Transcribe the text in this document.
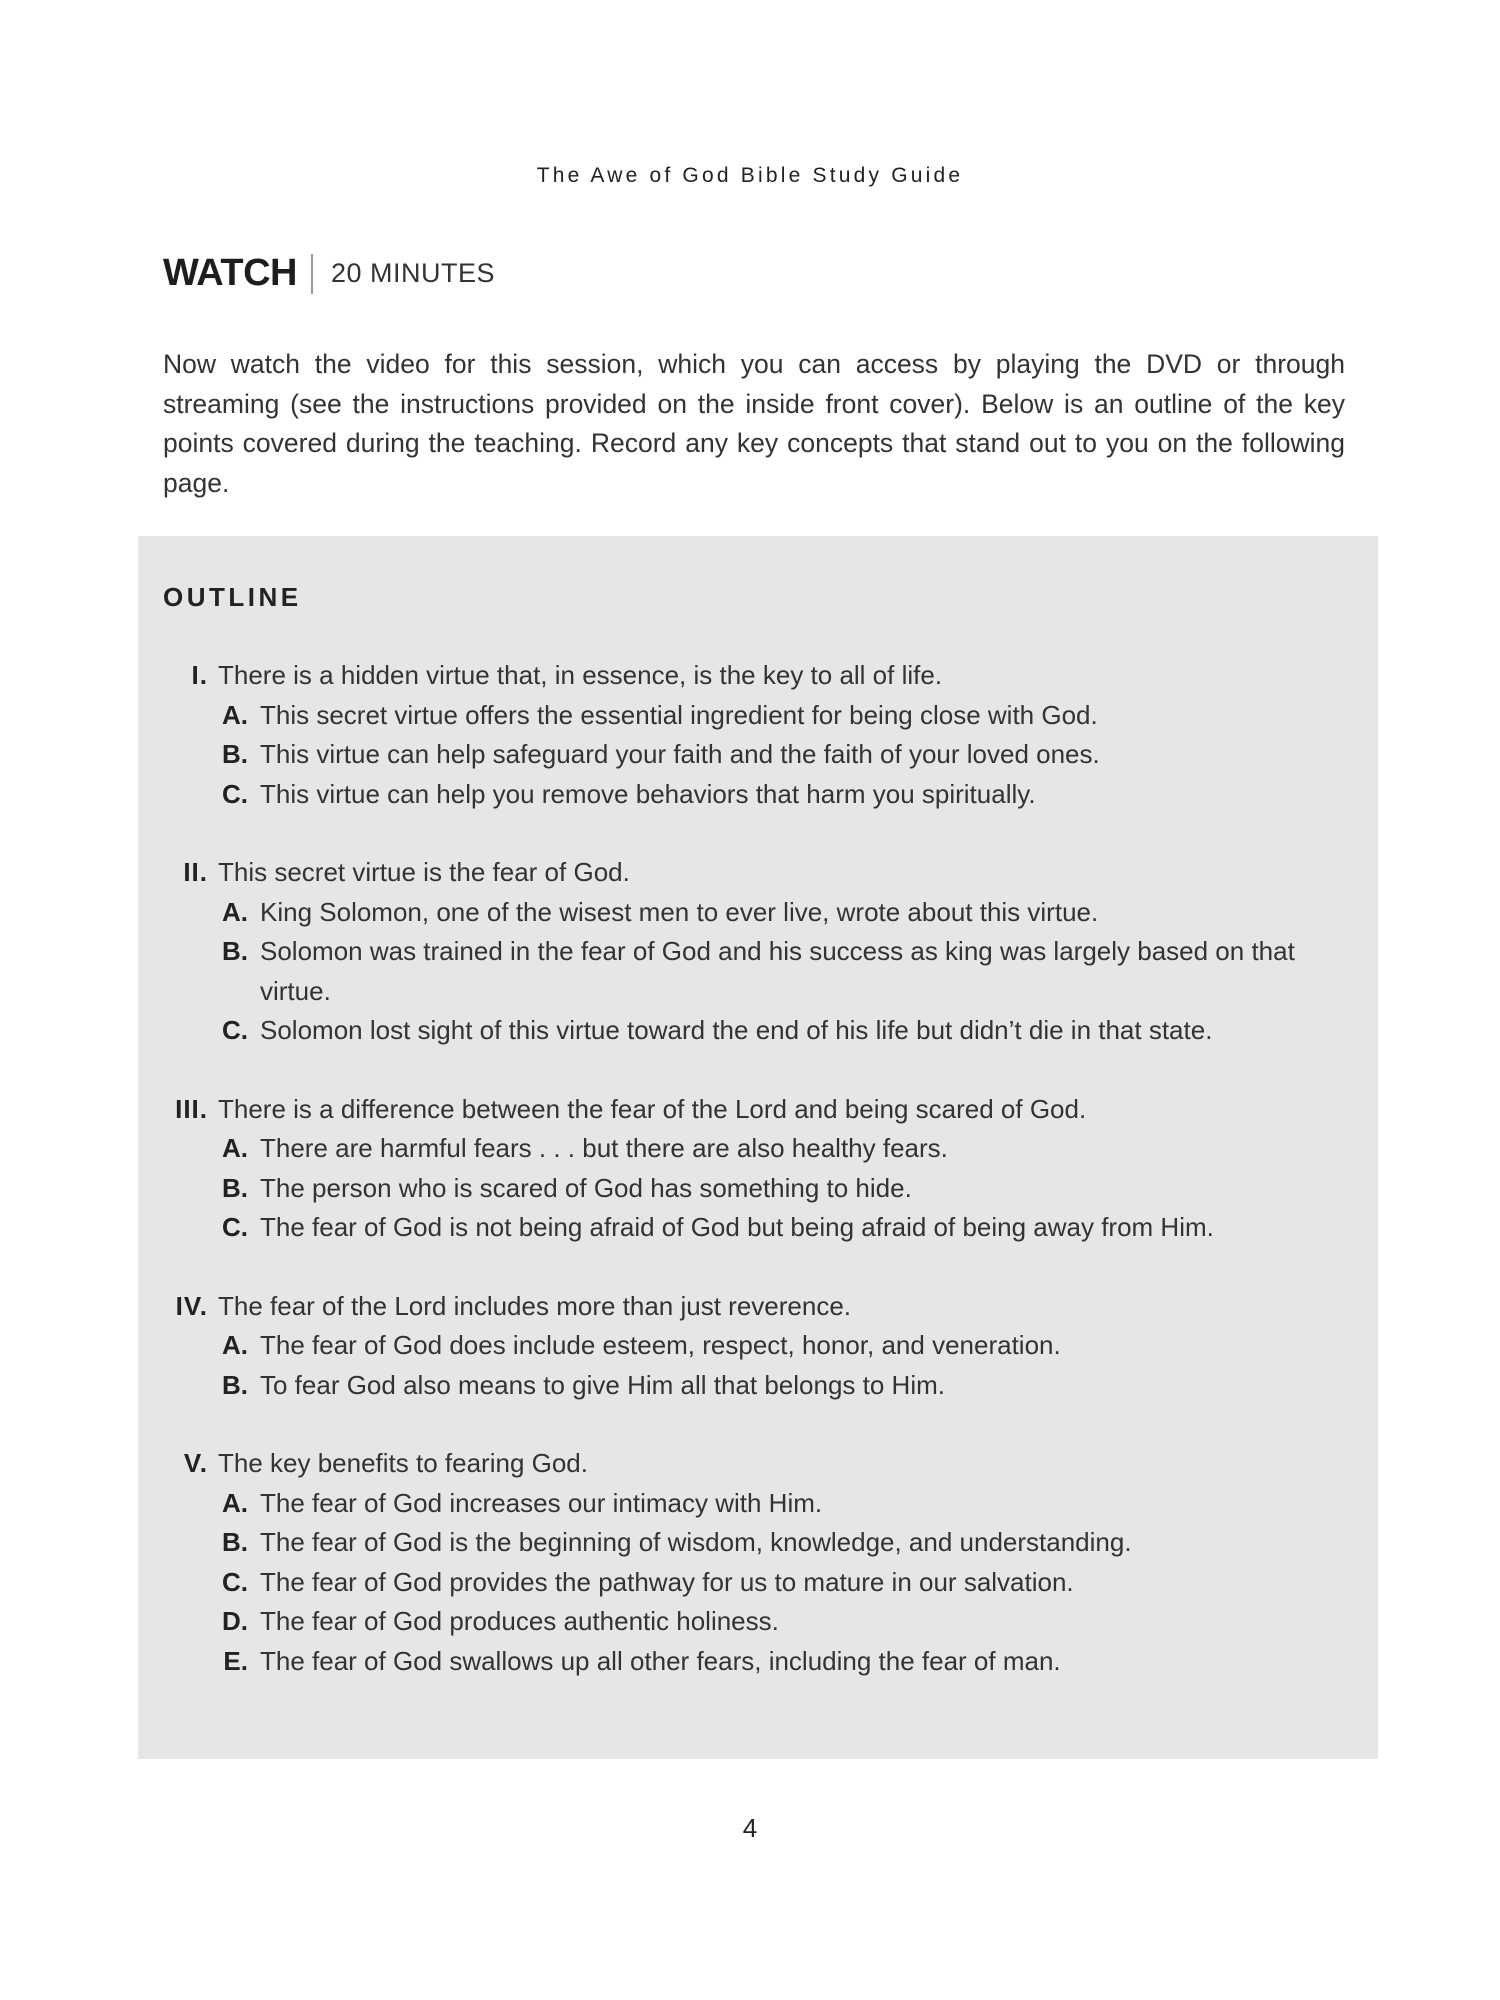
The Awe of God Bible Study Guide
WATCH 20 MINUTES

Now watch the video for this session, which you can access by playing the DVD or through streaming (see the instructions provided on the inside front cover). Below is an outline of the key points covered during the teaching. Record any key concepts that stand out to you on the following page.

OUTLINE
I. There is a hidden virtue that, in essence, is the key to all of life.
A. This secret virtue offers the essential ingredient for being close with God.
B. This virtue can help safeguard your faith and the faith of your loved ones.
C. This virtue can help you remove behaviors that harm you spiritually.
II. This secret virtue is the fear of God.
A. King Solomon, one of the wisest men to ever live, wrote about this virtue.
B. Solomon was trained in the fear of God and his success as king was largely based on that virtue.
C. Solomon lost sight of this virtue toward the end of his life but didn’t die in that state.
III. There is a difference between the fear of the Lord and being scared of God.
A. There are harmful fears . . . but there are also healthy fears.
B. The person who is scared of God has something to hide.
C. The fear of God is not being afraid of God but being afraid of being away from Him.
IV. The fear of the Lord includes more than just reverence.
A. The fear of God does include esteem, respect, honor, and veneration.
B. To fear God also means to give Him all that belongs to Him.
V. The key benefits to fearing God.
A. The fear of God increases our intimacy with Him.
B. The fear of God is the beginning of wisdom, knowledge, and understanding.
C. The fear of God provides the pathway for us to mature in our salvation.
D. The fear of God produces authentic holiness.
E. The fear of God swallows up all other fears, including the fear of man.
4
